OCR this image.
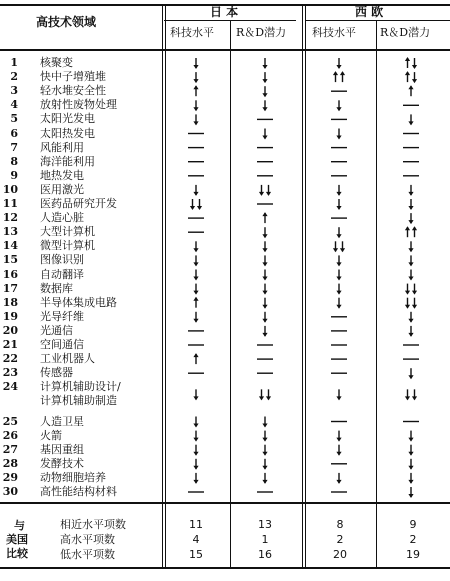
高技术领域
日 本	西 欧
科技水平 R＆D潜力 科技水平 R＆D潜力
1 核聚变
2 快中子增殖堆
3 轻水堆安全性
4 放射性废物处理
5 太阳光发电
6 太阳热发电
7 风能利用
8 海洋能利用
9 地热发电
10 医用激光
11 医药品研究开发
12 人造心脏
13 大型计算机
14 微型计算机
15 图像识别
16 自动翻译
17 数据库
18 半导体集成电路
19 光导纤维
20 光通信
21 空间通信
22 工业机器人
23 传感器
24 计算机辅助设计/
计算机辅助制造
25 人造卫星
26 火箭
27 基因重组
28 发酵技术
29 动物细胞培养
30 高性能结构材料
与
美国
比较
相近水平项数
高水平项数
低水平项数
11
4
15
13
1
16
8
2
20
9
2
19
